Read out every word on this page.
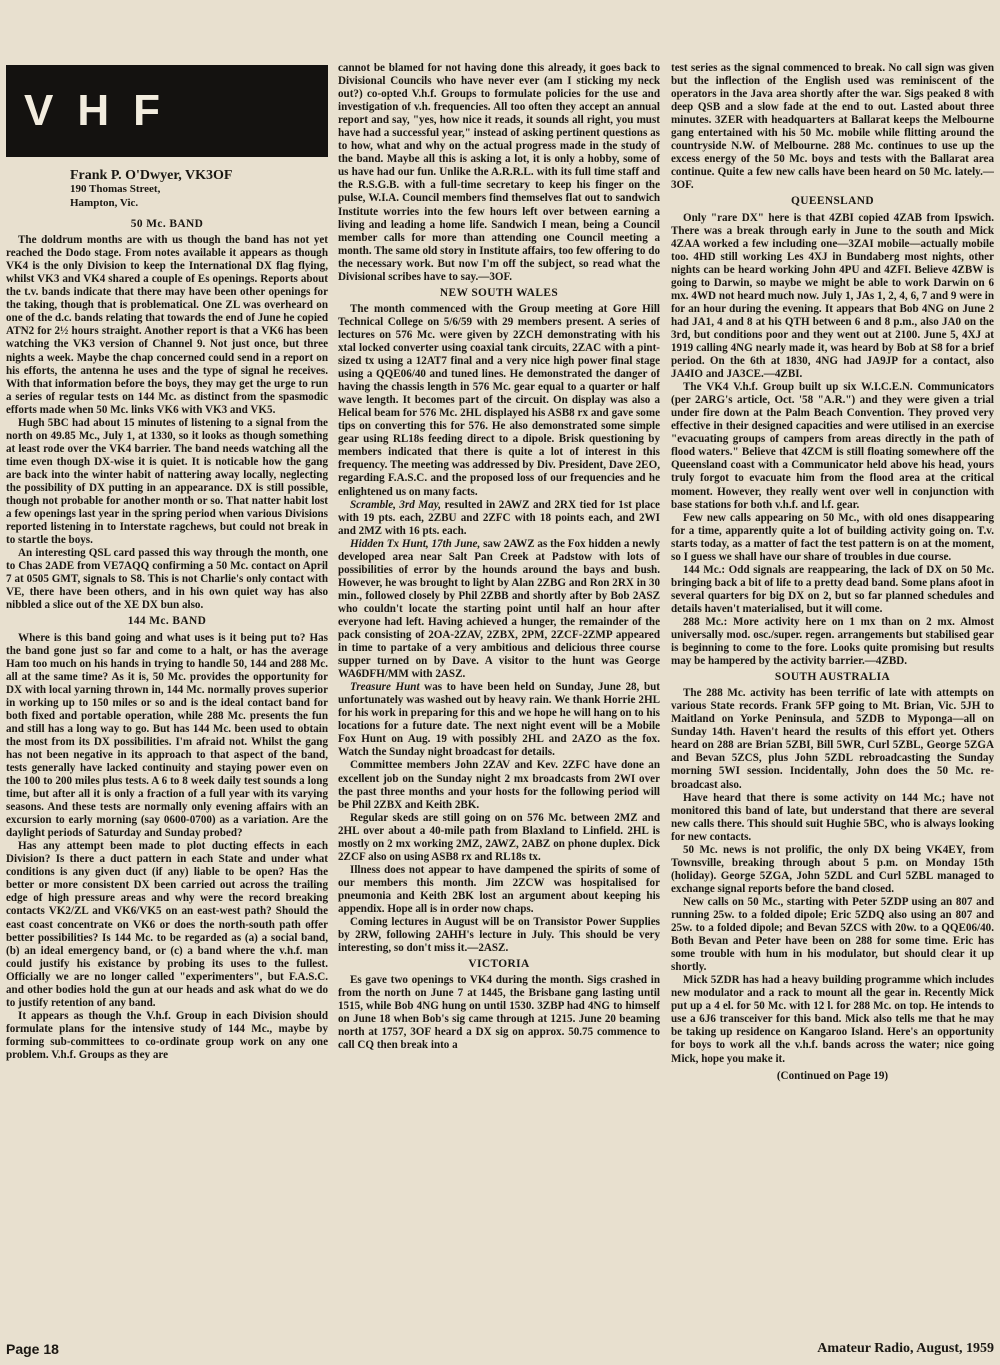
VHF
Frank P. O'Dwyer, VK3OF
190 Thomas Street,
Hampton, Vic.
50 Mc. BAND

The doldrum months are with us though the band has not yet reached the Dodo stage. From notes available it appears as though VK4 is the only Division to keep the International DX flag flying, whilst VK3 and VK4 shared a couple of Es openings. Reports about the t.v. bands indicate that there may have been other openings for the taking, though that is problematical. One ZL was overheard on one of the d.c. bands relating that towards the end of June he copied ATN2 for 2½ hours straight. Another report is that a VK6 has been watching the VK3 version of Channel 9. Not just once, but three nights a week. Maybe the chap concerned could send in a report on his efforts, the antenna he uses and the type of signal he receives. With that information before the boys, they may get the urge to run a series of regular tests on 144 Mc. as distinct from the spasmodic efforts made when 50 Mc. links VK6 with VK3 and VK5.

Hugh 5BC had about 15 minutes of listening to a signal from the north on 49.85 Mc., July 1, at 1330, so it looks as though something at least rode over the VK4 barrier. The band needs watching all the time even though DX-wise it is quiet. It is noticable how the gang are back into the winter habit of nattering away locally, neglecting the possibility of DX putting in an appearance. DX is still possible, though not probable for another month or so. That natter habit lost a few openings last year in the spring period when various Divisions reported listening in to Interstate ragchews, but could not break in to startle the boys.

An interesting QSL card passed this way through the month, one to Chas 2ADE from VE7AQQ confirming a 50 Mc. contact on April 7 at 0505 GMT, signals to S8. This is not Charlie's only contact with VE, there have been others, and in his own quiet way has also nibbled a slice out of the XE DX bun also.

144 Mc. BAND

Where is this band going and what uses is it being put to? Has the band gone just so far and come to a halt, or has the average Ham too much on his hands in trying to handle 50, 144 and 288 Mc. all at the same time? As it is, 50 Mc. provides the opportunity for DX with local yarning thrown in, 144 Mc. normally proves superior in working up to 150 miles or so and is the ideal contact band for both fixed and portable operation, while 288 Mc. presents the fun and still has a long way to go. But has 144 Mc. been used to obtain the most from its DX possibilities. I'm afraid not. Whilst the gang has not been negative in its approach to that aspect of the band, tests generally have lacked continuity and staying power even on the 100 to 200 miles plus tests. A 6 to 8 week daily test sounds a long time, but after all it is only a fraction of a full year with its varying seasons. And these tests are normally only evening affairs with an excursion to early morning (say 0600-0700) as a variation. Are the daylight periods of Saturday and Sunday probed?

Has any attempt been made to plot ducting effects in each Division? Is there a duct pattern in each State and under what conditions is any given duct (if any) liable to be open? Has the better or more consistent DX been carried out across the trailing edge of high pressure areas and why were the record breaking contacts VK2/ZL and VK6/VK5 on an east-west path? Should the east coast concentrate on VK6 or does the north-south path offer better possibilities? Is 144 Mc. to be regarded as (a) a social band, (b) an ideal emergency band, or (c) a band where the v.h.f. man could justify his existance by probing its uses to the fullest. Officially we are no longer called "experimenters", but F.A.S.C. and other bodies hold the gun at our heads and ask what do we do to justify retention of any band.

It appears as though the V.h.f. Group in each Division should formulate plans for the intensive study of 144 Mc., maybe by forming sub-committees to co-ordinate group work on any one problem. V.h.f. Groups as they are

cannot be blamed for not having done this already, it goes back to Divisional Councils who have never ever (am I sticking my neck out?) co-opted V.h.f. Groups to formulate policies for the use and investigation of v.h. frequencies. All too often they accept an annual report and say, "yes, how nice it reads, it sounds all right, you must have had a successful year," instead of asking pertinent questions as to how, what and why on the actual progress made in the study of the band. Maybe all this is asking a lot, it is only a hobby, some of us have had our fun. Unlike the A.R.R.L. with its full time staff and the R.S.G.B. with a full-time secretary to keep his finger on the pulse, W.I.A. Council members find themselves flat out to sandwich Institute worries into the few hours left over between earning a living and leading a home life. Sandwich I mean, being a Council member calls for more than attending one Council meeting a month. The same old story in Institute affairs, too few offering to do the necessary work. But now I'm off the subject, so read what the Divisional scribes have to say.—3OF.

NEW SOUTH WALES

The month commenced with the Group meeting at Gore Hill Technical College on 5/6/59 with 29 members present. A series of lectures on 576 Mc. were given by 2ZCH demonstrating with his xtal locked converter using coaxial tank circuits, 2ZAC with a pint-sized tx using a 12AT7 final and a very nice high power final stage using a QQE06/40 and tuned lines. He demonstrated the danger of having the chassis length in 576 Mc. gear equal to a quarter or half wave length. It becomes part of the circuit. On display was also a Helical beam for 576 Mc. 2HL displayed his ASB8 rx and gave some tips on converting this for 576. He also demonstrated some simple gear using RL18s feeding direct to a dipole. Brisk questioning by members indicated that there is quite a lot of interest in this frequency. The meeting was addressed by Div. President, Dave 2EO, regarding F.A.S.C. and the proposed loss of our frequencies and he enlightened us on many facts.

Scramble, 3rd May, resulted in 2AWZ and 2RX tied for 1st place with 19 pts. each, 2ZBU and 2ZFC with 18 points each, and 2WI and 2MZ with 16 pts. each.

Hidden Tx Hunt, 17th June, saw 2AWZ as the Fox hidden a newly developed area near Salt Pan Creek at Padstow with lots of possibilities of error by the hounds around the bays and bush. However, he was brought to light by Alan 2ZBG and Ron 2RX in 30 min., followed closely by Phil 2ZBB and shortly after by Bob 2ASZ who couldn't locate the starting point until half an hour after everyone had left. Having achieved a hunger, the remainder of the pack consisting of 2OA-2ZAV, 2ZBX, 2PM, 2ZCF-2ZMP appeared in time to partake of a very ambitious and delicious three course supper turned on by Dave. A visitor to the hunt was George WA6DFH/MM with 2ASZ.

Treasure Hunt was to have been held on Sunday, June 28, but unfortunately was washed out by heavy rain. We thank Horrie 2HL for his work in preparing for this and we hope he will hang on to his locations for a future date. The next night event will be a Mobile Fox Hunt on Aug. 19 with possibly 2HL and 2AZO as the fox. Watch the Sunday night broadcast for details.

Committee members John 2ZAV and Kev. 2ZFC have done an excellent job on the Sunday night 2 mx broadcasts from 2WI over the past three months and your hosts for the following period will be Phil 2ZBX and Keith 2BK.

Regular skeds are still going on on 576 Mc. between 2MZ and 2HL over about a 40-mile path from Blaxland to Linfield. 2HL is mostly on 2 mx working 2MZ, 2AWZ, 2ABZ on phone duplex. Dick 2ZCF also on using ASB8 rx and RL18s tx.

Illness does not appear to have dampened the spirits of some of our members this month. Jim 2ZCW was hospitalised for pneumonia and Keith 2BK lost an argument about keeping his appendix. Hope all is in order now chaps.

Coming lectures in August will be on Transistor Power Supplies by 2RW, following 2AHH's lecture in July. This should be very interesting, so don't miss it.—2ASZ.

VICTORIA

Es gave two openings to VK4 during the month. Sigs crashed in from the north on June 7 at 1445, the Brisbane gang lasting until 1515, while Bob 4NG hung on until 1530. 3ZBP had 4NG to himself on June 18 when Bob's sig came through at 1215. June 20 beaming north at 1757, 3OF heard a DX sig on approx. 50.75 commence to call CQ then break into a

test series as the signal commenced to break. No call sign was given but the inflection of the English used was reminiscent of the operators in the Java area shortly after the war. Sigs peaked 8 with deep QSB and a slow fade at the end to out. Lasted about three minutes. 3ZER with headquarters at Ballarat keeps the Melbourne gang entertained with his 50 Mc. mobile while flitting around the countryside N.W. of Melbourne. 288 Mc. continues to use up the excess energy of the 50 Mc. boys and tests with the Ballarat area continue. Quite a few new calls have been heard on 50 Mc. lately.—3OF.

QUEENSLAND

Only "rare DX" here is that 4ZBI copied 4ZAB from Ipswich. There was a break through early in June to the south and Mick 4ZAA worked a few including one—3ZAI mobile—actually mobile too. 4HD still working Les 4XJ in Bundaberg most nights, other nights can be heard working John 4PU and 4ZFI. Believe 4ZBW is going to Darwin, so maybe we might be able to work Darwin on 6 mx. 4WD not heard much now. July 1, JAs 1, 2, 4, 6, 7 and 9 were in for an hour during the evening. It appears that Bob 4NG on June 2 had JA1, 4 and 8 at his QTH between 6 and 8 p.m., also JA0 on the 3rd, but conditions poor and they went out at 2100. June 5, 4XJ at 1919 calling 4NG nearly made it, was heard by Bob at S8 for a brief period. On the 6th at 1830, 4NG had JA9JP for a contact, also JA4IO and JA3CE.—4ZBI.

The VK4 V.h.f. Group built up six W.I.C.E.N. Communicators (per 2ARG's article, Oct. '58 "A.R.") and they were given a trial under fire down at the Palm Beach Convention. They proved very effective in their designed capacities and were utilised in an exercise "evacuating groups of campers from areas directly in the path of flood waters." Believe that 4ZCM is still floating somewhere off the Queensland coast with a Communicator held above his head, yours truly forgot to evacuate him from the flood area at the critical moment. However, they really went over well in conjunction with base stations for both v.h.f. and l.f. gear.

Few new calls appearing on 50 Mc., with old ones disappearing for a time, apparently quite a lot of building activity going on. T.v. starts today, as a matter of fact the test pattern is on at the moment, so I guess we shall have our share of troubles in due course.

144 Mc.: Odd signals are reappearing, the lack of DX on 50 Mc. bringing back a bit of life to a pretty dead band. Some plans afoot in several quarters for big DX on 2, but so far planned schedules and details haven't materialised, but it will come.

288 Mc.: More activity here on 1 mx than on 2 mx. Almost universally mod. osc./super. regen. arrangements but stabilised gear is beginning to come to the fore. Looks quite promising but results may be hampered by the activity barrier.—4ZBD.

SOUTH AUSTRALIA

The 288 Mc. activity has been terrific of late with attempts on various State records. Frank 5FP going to Mt. Brian, Vic. 5JH to Maitland on Yorke Peninsula, and 5ZDB to Myponga—all on Sunday 14th. Haven't heard the results of this effort yet. Others heard on 288 are Brian 5ZBI, Bill 5WR, Curl 5ZBL, George 5ZGA and Bevan 5ZCS, plus John 5ZDL rebroadcasting the Sunday morning 5WI session. Incidentally, John does the 50 Mc. re-broadcast also.

Have heard that there is some activity on 144 Mc.; have not monitored this band of late, but understand that there are several new calls there. This should suit Hughie 5BC, who is always looking for new contacts.

50 Mc. news is not prolific, the only DX being VK4EY, from Townsville, breaking through about 5 p.m. on Monday 15th (holiday). George 5ZGA, John 5ZDL and Curl 5ZBL managed to exchange signal reports before the band closed.

New calls on 50 Mc., starting with Peter 5ZDP using an 807 and running 25w. to a folded dipole; Eric 5ZDQ also using an 807 and 25w. to a folded dipole; and Bevan 5ZCS with 20w. to a QQE06/40. Both Bevan and Peter have been on 288 for some time. Eric has some trouble with hum in his modulator, but should clear it up shortly.

Mick 5ZDR has had a heavy building programme which includes new modulator and a rack to mount all the gear in. Recently Mick put up a 4 el. for 50 Mc. with 12 l. for 288 Mc. on top. He intends to use a 6J6 transceiver for this band. Mick also tells me that he may be taking up residence on Kangaroo Island. Here's an opportunity for boys to work all the v.h.f. bands across the water; nice going Mick, hope you make it.

(Continued on Page 19)
Page 18	Amateur Radio, August, 1959
